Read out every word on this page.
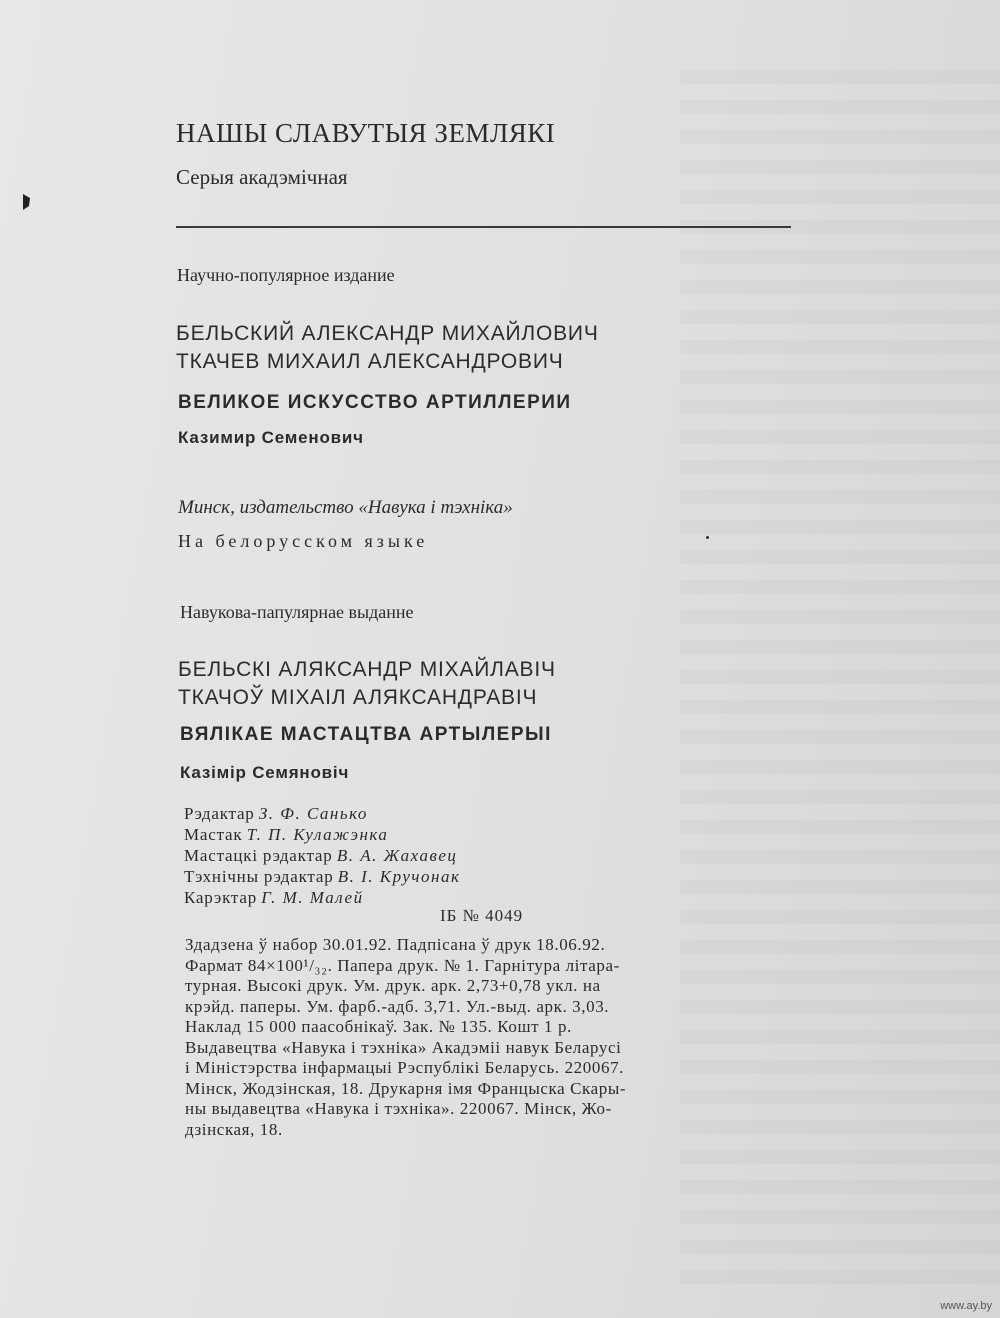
НАШЫ СЛАВУТЫЯ ЗЕМЛЯКІ
Серыя акадэмічная
Научно-популярное издание
БЕЛЬСКИЙ АЛЕКСАНДР МИХАЙЛОВИЧ
ТКАЧЕВ МИХАИЛ АЛЕКСАНДРОВИЧ
ВЕЛИКОЕ ИСКУССТВО АРТИЛЛЕРИИ
Казимир Семенович
Минск, издательство «Навука і тэхніка»
На белорусском языке
Навукова-папулярнае выданне
БЕЛЬСКІ АЛЯКСАНДР МІХАЙЛАВІЧ
ТКАЧОЎ МІХАІЛ АЛЯКСАНДРАВІЧ
ВЯЛІКАЕ МАСТАЦТВА АРТЫЛЕРЫІ
Казімір Семяновіч
Рэдактар З. Ф. Санько
Мастак Т. П. Кулажэнка
Мастацкі рэдактар В. А. Жахавец
Тэхнічны рэдактар В. І. Кручонак
Карэктар Г. М. Малей
ІБ № 4049
Здадзена ў набор 30.01.92. Падпісана ў друк 18.06.92.
Фармат 84×100¹/₃₂. Папера друк. № 1. Гарнітура літара-
турная. Высокі друк. Ум. друк. арк. 2,73+0,78 укл. на
крэйд. паперы. Ум. фарб.-адб. 3,71. Ул.-выд. арк. 3,03.
Наклад 15 000 паасобнікаў. Зак. № 135. Кошт 1 р.
Выдавецтва «Навука і тэхніка» Акадэміі навук Беларусі
і Міністэрства інфармацыі Рэспублікі Беларусь. 220067.
Мінск, Жодзінская, 18. Друкарня імя Францыска Скары-
ны выдавецтва «Навука і тэхніка». 220067. Мінск, Жо-
дзінская, 18.
www.ay.by
